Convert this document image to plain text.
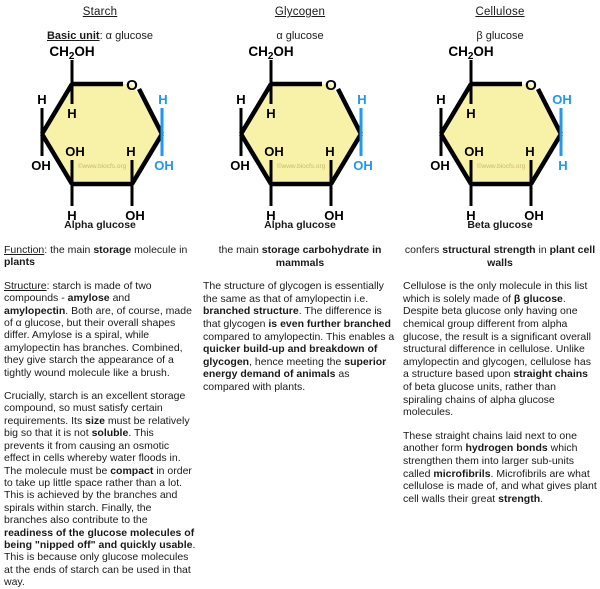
Starch
Basic unit: α glucose
©www.biocfs.org
O
$CH_2OH$
H
H
OH
OH
H
H
OH
H
OH
Alpha glucose
Function: the main storage molecule in plants
Structure: starch is made of two compounds - amylose and amylopectin. Both are, of course, made of α glucose, but their overall shapes differ. Amylose is a spiral, while amylopectin has branches. Combined, they give starch the appearance of a tightly wound molecule like a brush.
Crucially, starch is an excellent storage compound, so must satisfy certain requirements. Its size must be relatively big so that it is not soluble. This prevents it from causing an osmotic effect in cells whereby water floods in. The molecule must be compact in order to take up little space rather than a lot. This is achieved by the branches and spirals within starch. Finally, the branches also contribute to the readiness of the glucose molecules of being "nipped off" and quickly usable. This is because only glucose molecules at the ends of starch can be used in that way.
Glycogen
α glucose
©www.biocfs.org
O
$CH_2OH$
H
H
OH
OH
H
H
OH
H
OH
Alpha glucose
the main storage carbohydrate in mammals
The structure of glycogen is essentially the same as that of amylopectin i.e. branched structure. The difference is that glycogen is even further branched compared to amylopectin. This enables a quicker build-up and breakdown of glycogen, hence meeting the superior energy demand of animals as compared with plants.
Cellulose
β glucose
©www.biocfs.org
O
$CH_2OH$
H
H
OH
OH
H
H
OH
OH
H
Beta glucose
confers structural strength in plant cell walls
Cellulose is the only molecule in this list which is solely made of β glucose. Despite beta glucose only having one chemical group different from alpha glucose, the result is a significant overall structural difference in cellulose. Unlike amylopectin and glycogen, cellulose has a structure based upon straight chains of beta glucose units, rather than spiraling chains of alpha glucose molecules.
These straight chains laid next to one another form hydrogen bonds which strengthen them into larger sub-units called microfibrils. Microfibrils are what cellulose is made of, and what gives plant cell walls their great strength.
